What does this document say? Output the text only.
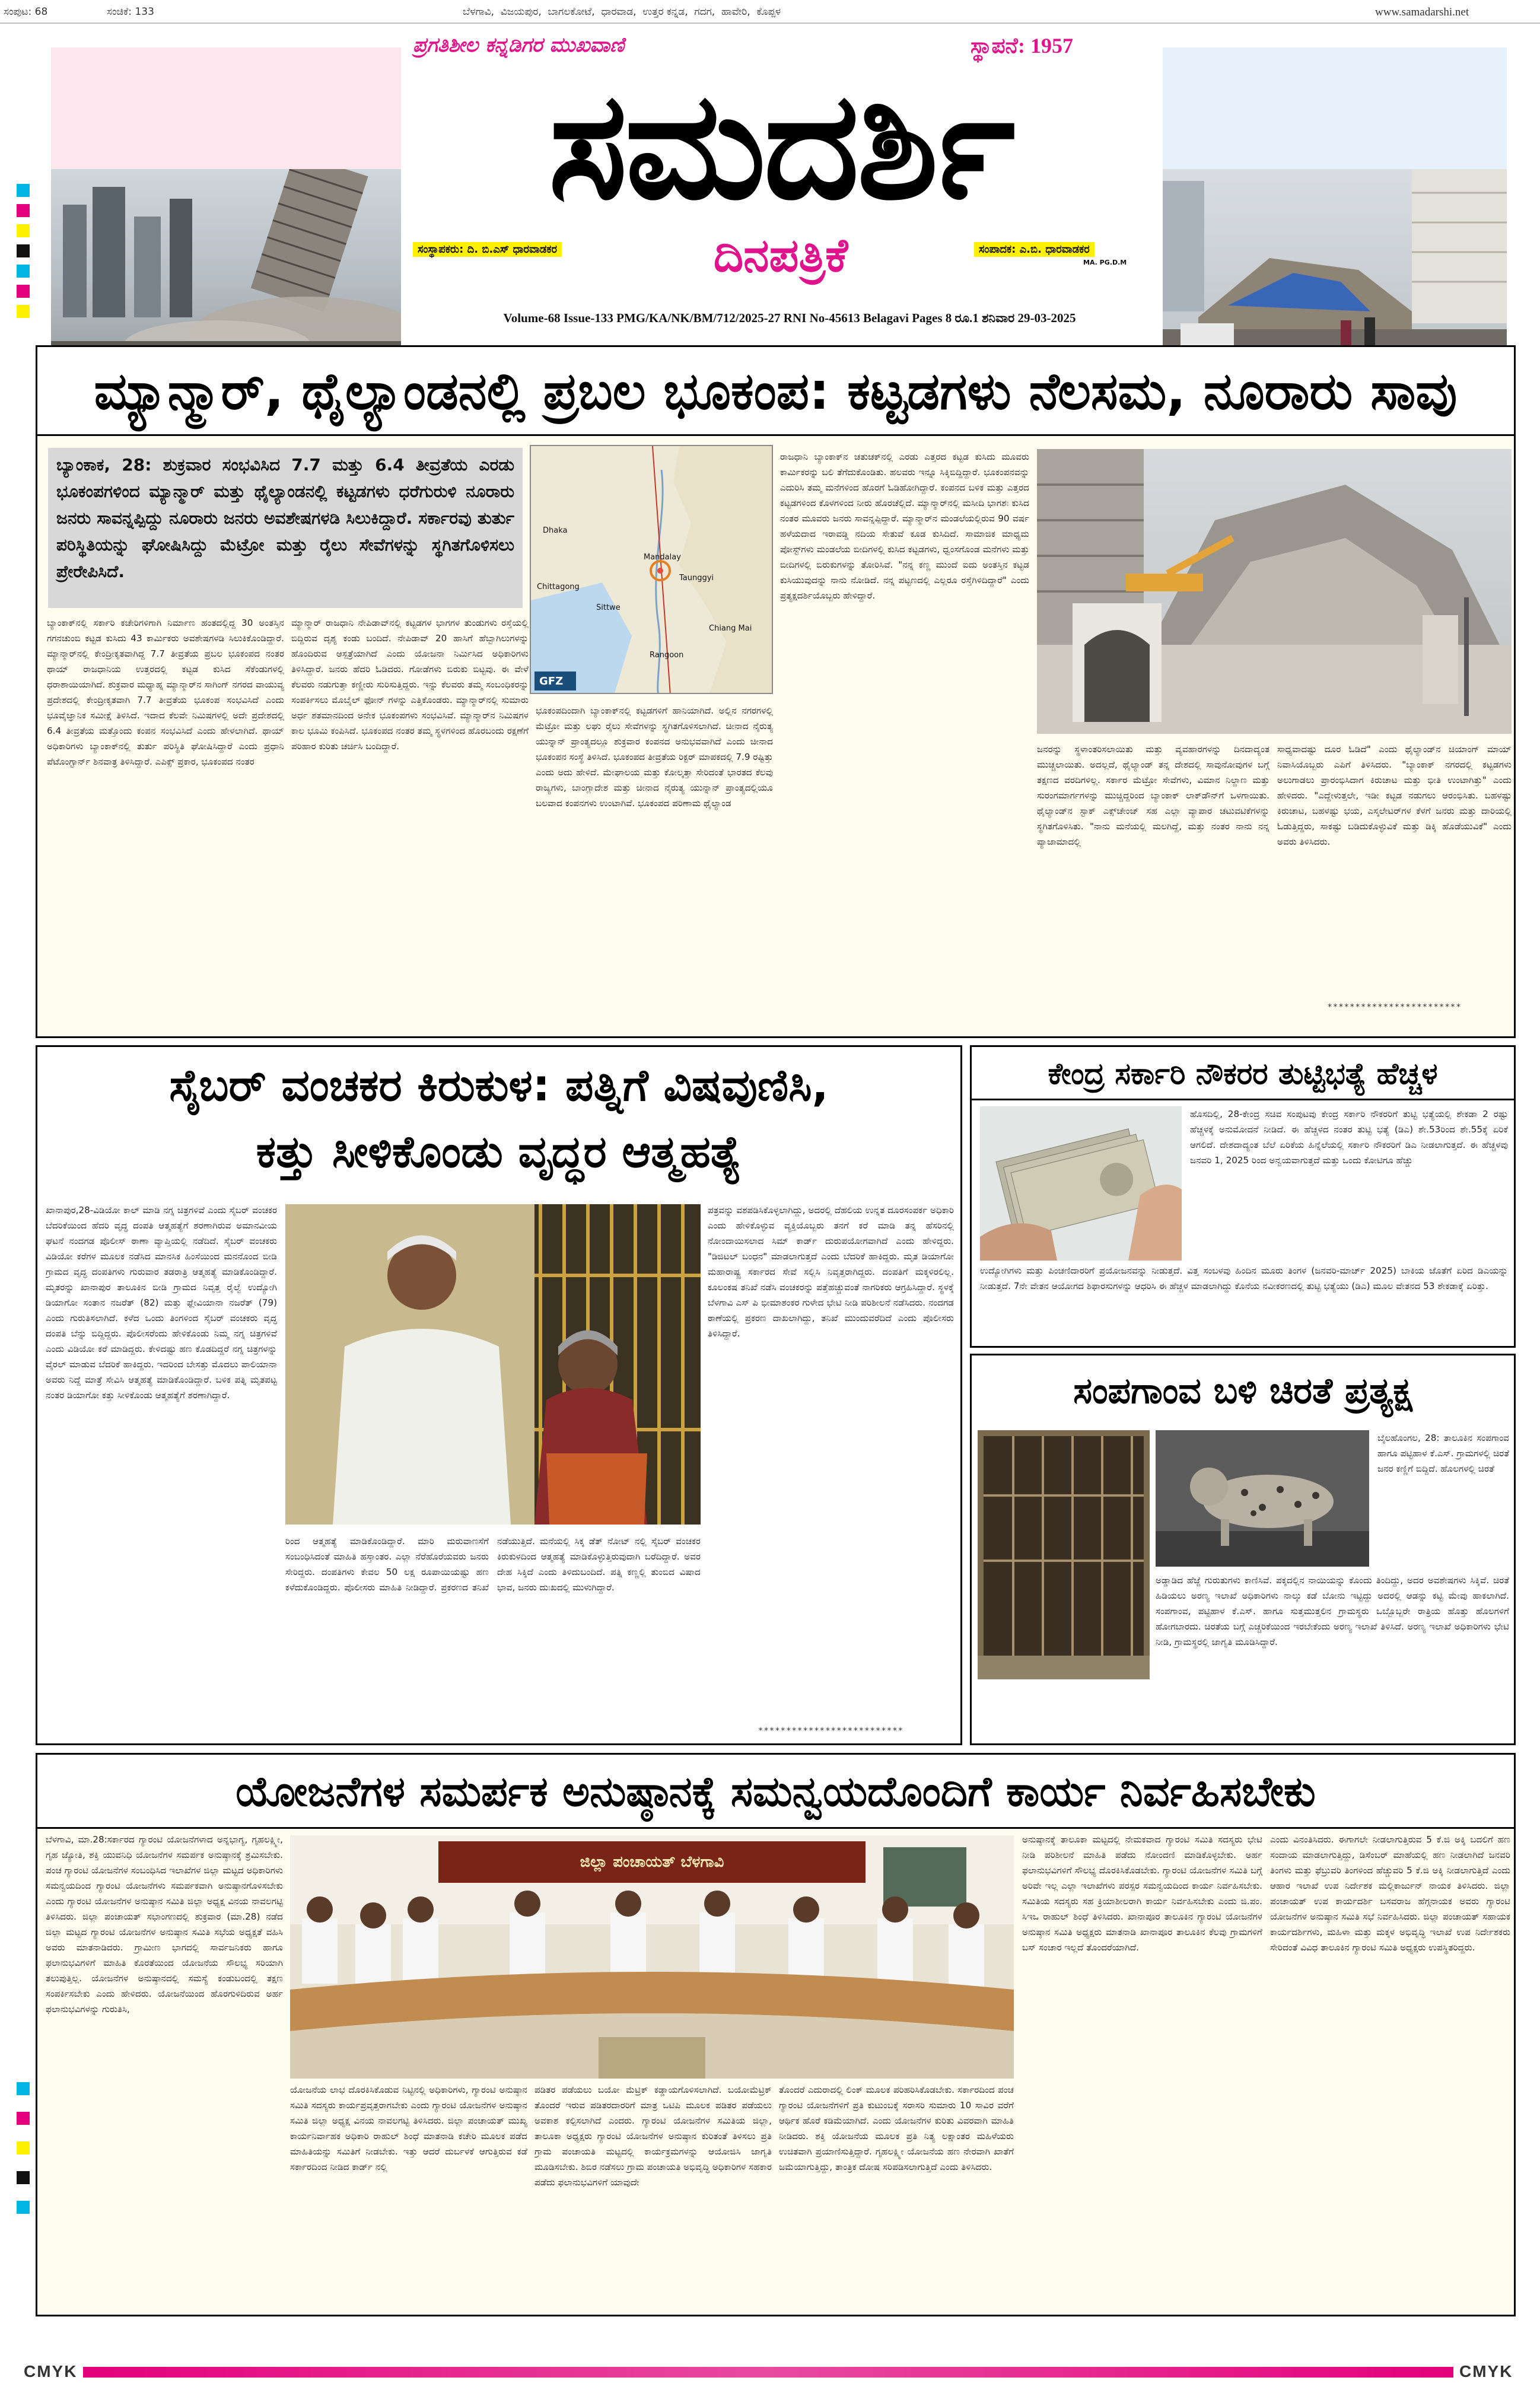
ಸಂಪುಟ: 68	ಸಂಚಿಕೆ: 133	ಬೆಳಗಾವಿ,  ವಿಜಯಪುರ,  ಬಾಗಲಕೋಟೆ,  ಧಾರವಾಡ,  ಉತ್ತರ ಕನ್ನಡ,  ಗದಗ,  ಹಾವೇರಿ,  ಕೊಪ್ಪಳ	www.samadarshi.net
ಪ್ರಗತಿಶೀಲ ಕನ್ನಡಿಗರ ಮುಖವಾಣಿ	ಸ್ಥಾಪನೆ: 1957
ಸಮದರ್ಶಿ
ಸಂಸ್ಥಾಪಕರು: ದಿ. ಬಿ.ಎಸ್ ಧಾರವಾಡಕರ	ದಿನಪತ್ರಿಕೆ	ಸಂಪಾದಕ: ಎ.ಬಿ. ಧಾರವಾಡಕರ
MA. PG.D.M
Volume-68 Issue-133 PMG/KA/NK/BM/712/2025-27 RNI No-45613 Belagavi Pages 8 ರೂ.1 ಶನಿವಾರ 29-03-2025
ಮ್ಯಾನ್ಮಾರ್, ಥೈಲ್ಯಾಂಡನಲ್ಲಿ ಪ್ರಬಲ ಭೂಕಂಪ: ಕಟ್ಟಡಗಳು ನೆಲಸಮ, ನೂರಾರು ಸಾವು
ಬ್ಯಾಂಕಾಕ, 28: ಶುಕ್ರವಾರ ಸಂಭವಿಸಿದ 7.7 ಮತ್ತು 6.4 ತೀವ್ರತೆಯ ಎರಡು ಭೂಕಂಪಗಳಿಂದ ಮ್ಯಾನ್ಮಾರ್ ಮತ್ತು ಥೈಲ್ಯಾಂಡನಲ್ಲಿ ಕಟ್ಟಡಗಳು ಧರೆಗುರುಳಿ ನೂರಾರು ಜನರು ಸಾವನ್ನಪ್ಪಿದ್ದು ನೂರಾರು ಜನರು ಅವಶೇಷಗಳಡಿ ಸಿಲುಕಿದ್ದಾರೆ. ಸರ್ಕಾರವು ತುರ್ತು ಪರಿಸ್ಥಿತಿಯನ್ನು ಘೋಷಿಸಿದ್ದು ಮೆಟ್ರೋ ಮತ್ತು ರೈಲು ಸೇವೆಗಳನ್ನು ಸ್ಥಗಿತಗೊಳಿಸಲು ಪ್ರೇರೇಪಿಸಿದೆ.
Dhaka
Chittagong
Mandalay
Taunggyi
Sittwe
Chiang Mai
Rangoon
GFZ
ಬ್ಯಾಂಕಾಕ್‌ನಲ್ಲಿ ಸರ್ಕಾರಿ ಕಚೇರಿಗಳಿಗಾಗಿ ನಿರ್ಮಾಣ ಹಂತದಲ್ಲಿದ್ದ 30 ಅಂತಸ್ತಿನ ಗಗನಚುಂಬಿ ಕಟ್ಟಡ ಕುಸಿದು 43 ಕಾರ್ಮಿಕರು ಅವಶೇಷಗಳಡಿ ಸಿಲುಕಿಕೊಂಡಿದ್ದಾರೆ. ಮ್ಯಾನ್ಮಾರ್‌ನಲ್ಲಿ ಕೇಂದ್ರೀಕೃತವಾಗಿದ್ದ 7.7 ತೀವ್ರತೆಯ ಪ್ರಬಲ ಭೂಕಂಪದ ನಂತರ ಥಾಯ್ ರಾಜಧಾನಿಯ ಉತ್ತರದಲ್ಲಿ ಕಟ್ಟಡ ಕುಸಿದ ಸೆಕೆಂಡುಗಳಲ್ಲಿ ಧರಾಶಾಯಿಯಾಗಿದೆ. ಶುಕ್ರವಾರ ಮಧ್ಯಾಹ್ನ ಮ್ಯಾನ್ಮಾರ್‌ನ ಸಾಗಿಂಗ್ ನಗರದ ವಾಯುವ್ಯ ಪ್ರದೇಶದಲ್ಲಿ ಕೇಂದ್ರೀಕೃತವಾಗಿ 7.7 ತೀವ್ರತೆಯ ಭೂಕಂಪ ಸಂಭವಿಸಿದೆ ಎಂದು ಭೂವೈಜ್ಞಾನಿಕ ಸಮೀಕ್ಷೆ ತಿಳಿಸಿದೆ. ಇದಾದ ಕೆಲವೇ ನಿಮಿಷಗಳಲ್ಲಿ ಅದೇ ಪ್ರದೇಶದಲ್ಲಿ 6.4 ತೀವ್ರತೆಯ ಮತ್ತೊಂದು ಕಂಪನ ಸಂಭವಿಸಿದೆ ಎಂದು ಹೇಳಲಾಗಿದೆ. ಥಾಯ್ ಅಧಿಕಾರಿಗಳು ಬ್ಯಾಂಕಾಕ್‌ನಲ್ಲಿ ತುರ್ತು ಪರಿಸ್ಥಿತಿ ಘೋಷಿಸಿದ್ದಾರೆ ಎಂದು ಪ್ರಧಾನಿ ಪೆಟೊಂಗ್ಟಾರ್ನ್ ಶಿನವಾತ್ರ ತಿಳಿಸಿದ್ದಾರೆ. ಎಪಿಕ್ಸ್ ಪ್ರಕಾರ, ಭೂಕಂಪದ ನಂತರ
ಮ್ಯಾನ್ಮಾರ್ ರಾಜಧಾನಿ ನೇಪಿಡಾವ್‌ನಲ್ಲಿ ಕಟ್ಟಡಗಳ ಭಾಗಗಳ ತುಂಡುಗಳು ರಸ್ತೆಯಲ್ಲಿ ಬಿದ್ದಿರುವ ದೃಶ್ಯ ಕಂಡು ಬಂದಿದೆ. ನೇಪಿಡಾವ್ 20 ಹಾಸಿಗೆ ಹೆಬ್ಬಾಗಿಲುಗಳನ್ನು ಹೊಂದಿರುವ ಆಸ್ಪತ್ರೆಯಾಗಿದೆ ಎಂದು ಯೋಜನಾ ನಿರ್ಮಿಸಿದ ಅಧಿಕಾರಿಗಳು ತಿಳಿಸಿದ್ದಾರೆ. ಜನರು ಹೆದರಿ ಓಡಿದರು. ಗೋಡೆಗಳು ಬಿರುಕು ಬಿಟ್ಟವು. ಈ ವೇಳೆ ಕೆಲವರು ನಡುಗುತ್ತಾ ಕಣ್ಣೀರು ಸುರಿಸುತ್ತಿದ್ದರು. ಇನ್ನು ಕೆಲವರು ತಮ್ಮ ಸಂಬಂಧಿಕರನ್ನು ಸಂಪರ್ಕಿಸಲು ಮೊಬೈಲ್ ಫೋನ್ ಗಳನ್ನು ಎತ್ತಿಕೊಂಡರು. ಮ್ಯಾನ್ಮಾರ್‌ನಲ್ಲಿ ಸುಮಾರು ಅರ್ಧ ಶತಮಾನದಿಂದ ಅನೇಕ ಭೂಕಂಪಗಳು ಸಂಭವಿಸಿವೆ. ಮ್ಯಾನ್ಮಾರ್‌ನ ನಿಮಿಷಗಳ ಕಾಲ ಭೂಮಿ ಕಂಪಿಸಿದೆ. ಭೂಕಂಪದ ನಂತರ ತಮ್ಮ ಸ್ಥಳಗಳಿಂದ ಹೊರಬಂದು ರಕ್ಷಣೆಗೆ ಪರಿಹಾರ ಕುರಿತು ಚರ್ಚಿಸಿ ಬಂದಿದ್ದಾರೆ.
ಭೂಕಂಪದಿಂದಾಗಿ ಬ್ಯಾಂಕಾಕ್‌ನಲ್ಲಿ ಕಟ್ಟಡಗಳಿಗೆ ಹಾನಿಯಾಗಿದೆ. ಅಲ್ಲಿನ ನಗರಗಳಲ್ಲಿ ಮೆಟ್ರೋ ಮತ್ತು ಲಘು ರೈಲು ಸೇವೆಗಳನ್ನು ಸ್ಥಗಿತಗೊಳಿಸಲಾಗಿದೆ. ಚೀನಾದ ನೈರುತ್ಯ ಯುನ್ನಾನ್ ಪ್ರಾಂತ್ಯದಲ್ಲೂ ಶುಕ್ರವಾರ ಕಂಪನದ ಅನುಭವವಾಗಿದೆ ಎಂದು ಚೀನಾದ ಭೂಕಂಪನ ಸಂಸ್ಥೆ ತಿಳಿಸಿದೆ. ಭೂಕಂಪದ ತೀವ್ರತೆಯ ರಿಕ್ಟರ್ ಮಾಪಕದಲ್ಲಿ 7.9 ರಷ್ಟಿತ್ತು ಎಂದು ಅದು ಹೇಳಿದೆ. ಮೇಘಾಲಯ ಮತ್ತು ಕೋಲ್ಕತ್ತಾ ಸೇರಿದಂತೆ ಭಾರತದ ಕೆಲವು ರಾಜ್ಯಗಳು, ಬಾಂಗ್ಲಾದೇಶ ಮತ್ತು ಚೀನಾದ ನೈರುತ್ಯ ಯುನ್ನಾನ್ ಪ್ರಾಂತ್ಯದಲ್ಲಿಯೂ ಬಲವಾದ ಕಂಪನಗಳು ಉಂಟಾಗಿವೆ. ಭೂಕಂಪದ ಪರಿಣಾಮ ಥೈಲ್ಯಾಂಡ
ರಾಜಧಾನಿ ಬ್ಯಾಂಕಾಕ್‌ನ ಚತುಚಕ್‌ನಲ್ಲಿ ಎರಡು ಎತ್ತರದ ಕಟ್ಟಡ ಕುಸಿದು ಮೂವರು ಕಾರ್ಮಿಕರನ್ನು ಬಲಿ ತೆಗೆದುಕೊಂಡಿತು. ಹಲವರು ಇನ್ನೂ ಸಿಕ್ಕಿಬಿದ್ದಿದ್ದಾರೆ. ಭೂಕಂಪನವನ್ನು ಎದುರಿಸಿ ತಮ್ಮ ಮನೆಗಳಿಂದ ಹೊರಗೆ ಓಡಿಹೋಗಿದ್ದಾರೆ. ಕಂಪನದ ಬಳಿಕ ಮತ್ತು ಎತ್ತರದ ಕಟ್ಟಡಗಳಿಂದ ಕೊಳಗಳಿಂದ ನೀರು ಹೊರಚೆಲ್ಲಿದೆ. ಮ್ಯಾನ್ಮಾರ್‌ನಲ್ಲಿ ಮಸೀದಿ ಭಾಗಶಃ ಕುಸಿದ ನಂತರ ಮೂವರು ಜನರು ಸಾವನ್ನಪ್ಪಿದ್ದಾರೆ. ಮ್ಯಾನ್ಮಾರ್‌ನ ಮಂಡಲೆಯಲ್ಲಿರುವ 90 ವರ್ಷ ಹಳೆಯದಾದ ಇರಾವಡ್ಡಿ ನದಿಯ ಸೇತುವೆ ಕೂಡ ಕುಸಿದಿದೆ. ಸಾಮಾಜಿಕ ಮಾಧ್ಯಮ ಪೋಸ್ಟ್‌ಗಳು ಮಂಡಲೆಯ ಬೀದಿಗಳಲ್ಲಿ ಕುಸಿದ ಕಟ್ಟಡಗಳು, ಧ್ವಂಸಗೊಂಡ ಮನೆಗಳು ಮತ್ತು ಬೀದಿಗಳಲ್ಲಿ ಬಿರುಕುಗಳನ್ನು ತೋರಿಸಿವೆ. "ನನ್ನ ಕಣ್ಣ ಮುಂದೆ ಐದು ಅಂತಸ್ತಿನ ಕಟ್ಟಡ ಕುಸಿಯುವುದನ್ನು ನಾನು ನೋಡಿದೆ. ನನ್ನ ಪಟ್ಟಣದಲ್ಲಿ ಎಲ್ಲರೂ ರಸ್ತೆಗಿಳಿದಿದ್ದಾರೆ" ಎಂದು ಪ್ರತ್ಯಕ್ಷದರ್ಶಿಯೊಬ್ಬರು ಹೇಳಿದ್ದಾರೆ.
ಜನರನ್ನು ಸ್ಥಳಾಂತರಿಸಲಾಯಿತು ಮತ್ತು ವ್ಯವಹಾರಗಳನ್ನು ದಿನದಾದ್ಯಂತ ಮುಚ್ಚಲಾಯಿತು. ಅದಲ್ಲದೆ, ಥೈಲ್ಯಾಂಡ್ ತನ್ನ ದೇಶದಲ್ಲಿ ಸಾವುನೋವುಗಳ ಬಗ್ಗೆ ತಕ್ಷಣದ ವರದಿಗಳಿಲ್ಲ. ಸರ್ಕಾರ ಮೆಟ್ರೋ ಸೇವೆಗಳು, ವಿಮಾನ ನಿಲ್ದಾಣ ಮತ್ತು ಸುರಂಗಮಾರ್ಗಗಳನ್ನು ಮುಚ್ಚಿದ್ದರಿಂದ ಬ್ಯಾಂಕಾಕ್ ಲಾಕ್‌ಡೌನ್‌ಗೆ ಒಳಗಾಯಿತು. ಥೈಲ್ಯಾಂಡ್‌ನ ಸ್ಟಾಕ್ ಎಕ್ಸ್‌ಚೇಂಜ್ ಸಹ ಎಲ್ಲಾ ವ್ಯಾಪಾರ ಚಟುವಟಿಕೆಗಳನ್ನು ಸ್ಥಗಿತಗೊಳಿಸಿತು. "ನಾನು ಮನೆಯಲ್ಲಿ ಮಲಗಿದ್ದೆ, ಮತ್ತು ನಂತರ ನಾನು ನನ್ನ ಪ್ಯಾಜಾಮಾದಲ್ಲಿ
ಸಾಧ್ಯವಾದಷ್ಟು ದೂರ ಓಡಿದೆ" ಎಂದು ಥೈಲ್ಯಾಂಡ್‌ನ ಚಿಯಾಂಗ್ ಮಾಯ್ ನಿವಾಸಿಯೊಬ್ಬರು ಎಪಿಗೆ ತಿಳಿಸಿದರು. "ಬ್ಯಾಂಕಾಕ್ ನಗರದಲ್ಲಿ ಕಟ್ಟಡಗಳು ಅಲುಗಾಡಲು ಪ್ರಾರಂಭಿಸಿದಾಗ ಕಿರುಚಾಟ ಮತ್ತು ಭೀತಿ ಉಂಟಾಗಿತ್ತು" ಎಂದು ಹೇಳಿದರು. "ಎದ್ದೇಳುತ್ತಲೇ, ಇಡೀ ಕಟ್ಟಡ ನಡುಗಲು ಆರಂಭಿಸಿತು. ಬಹಳಷ್ಟು ಕಿರುಚಾಟ, ಬಹಳಷ್ಟು ಭಯ, ಎಸ್ಕಲೇಟರ್‌ಗಳ ಕೆಳಗೆ ಜನರು ಮತ್ತು ದಾರಿಯಲ್ಲಿ ಓಡುತ್ತಿದ್ದರು, ಸಾಕಷ್ಟು ಬಡಿದುಕೊಳ್ಳುವಿಕೆ ಮತ್ತು ಡಿಕ್ಕಿ ಹೊಡೆಯುವಿಕೆ" ಎಂದು ಅವರು ತಿಳಿಸಿದರು.
************************
ಸೈಬರ್ ವಂಚಕರ ಕಿರುಕುಳ: ಪತ್ನಿಗೆ ವಿಷವುಣಿಸಿ,
ಕತ್ತು ಸೀಳಿಕೊಂಡು ವೃದ್ಧರ ಆತ್ಮಹತ್ಯೆ
ಖಾನಾಪುರ,28-ವಿಡಿಯೋ ಕಾಲ್ ಮಾಡಿ ನಗ್ನ ಚಿತ್ರಗಳಿವೆ ಎಂದು ಸೈಬರ್ ವಂಚಕರ ಬೆದರಿಕೆಯಿಂದ ಹೆದರಿ ವೃದ್ಧ ದಂಪತಿ ಆತ್ಮಹತ್ಯೆಗೆ ಶರಣಾಗಿರುವ ಅಮಾನವೀಯ ಘಟನೆ ನಂದಗಡ ಪೊಲೀಸ್ ಠಾಣಾ ವ್ಯಾಪ್ತಿಯಲ್ಲಿ ನಡೆದಿದೆ. ಸೈಬರ್ ವಂಚಕರು ವಿಡಿಯೋ ಕರೆಗಳ ಮೂಲಕ ನಡೆಸಿದ ಮಾನಸಿಕ ಹಿಂಸೆಯಿಂದ ಮನನೊಂದ ಬೀಡಿ ಗ್ರಾಮದ ವೃದ್ಧ ದಂಪತಿಗಳು ಗುರುವಾರ ತಡರಾತ್ರಿ ಆತ್ಮಹತ್ಯೆ ಮಾಡಿಕೊಂಡಿದ್ದಾರೆ. ಮೃತರನ್ನು ಖಾನಾಪುರ ತಾಲೂಕಿನ ಬೀಡಿ ಗ್ರಾಮದ ನಿವೃತ್ತ ರೈಲ್ವೆ ಉದ್ಯೋಗಿ ಡಿಯಾಗೋ ಸಂತಾನ ನಜರೆತ್ (82) ಮತ್ತು ಫ್ಲೇವಿಯಾನಾ ನಜರೆತ್ (79) ಎಂದು ಗುರುತಿಸಲಾಗಿದೆ. ಕಳೆದ ಒಂದು ತಿಂಗಳಿಂದ ಸೈಬರ್ ವಂಚಕರು ವೃದ್ಧ ದಂಪತಿ ಬೆನ್ನು ಬಿದ್ದಿದ್ದರು. ಪೊಲೀಸರೆಂದು ಹೇಳಿಕೊಂಡು ನಿಮ್ಮ ನಗ್ನ ಚಿತ್ರಗಳಿವೆ ಎಂದು ವಿಡಿಯೋ ಕರೆ ಮಾಡಿದ್ದರು. ಕೇಳಿದಷ್ಟು ಹಣ ಕೊಡದಿದ್ದರೆ ನಗ್ನ ಚಿತ್ರಗಳನ್ನು ವೈರಲ್ ಮಾಡುವ ಬೆದರಿಕೆ ಹಾಕಿದ್ದರು. ಇದರಿಂದ ಬೇಸತ್ತು ಮೊದಲು ಪಾಲಿಯಾನಾ ಅವರು ನಿದ್ದೆ ಮಾತ್ರೆ ಸೇವಿಸಿ ಆತ್ಮಹತ್ಯೆ ಮಾಡಿಕೊಂಡಿದ್ದಾರೆ. ಬಳಿಕ ಪತ್ನಿ ಮೃತಪಟ್ಟ ನಂತರ ಡಿಯಾಗೋ ಕತ್ತು ಸೀಳಿಕೊಂಡು ಆತ್ಮಹತ್ಯೆಗೆ ಶರಣಾಗಿದ್ದಾರೆ.
ರಿಂದ ಆತ್ಮಹತ್ಯೆ ಮಾಡಿಕೊಂಡಿದ್ದಾರೆ. ಮಾರಿ ಮರುವಾಣಸೆಗೆ ಸಂಬಂಧಿಸಿದಂತೆ ಮಾಹಿತಿ ಹಸ್ತಾಂತರ. ಎಲ್ಲಾ ನೆರೆಹೊರೆಯವರು ಜನರು ಸೇರಿದ್ದರು. ದಂಪತಿಗಳು ಕೇವಲ 50 ಲಕ್ಷ ರೂಪಾಯಿಯಷ್ಟು ಹಣ ಕಳೆದುಕೊಂಡಿದ್ದರು. ಪೊಲೀಸರು ಮಾಹಿತಿ ನೀಡಿದ್ದಾರೆ. ಪ್ರಕರಣದ ತನಿಖೆ ನಡೆಯುತ್ತಿದೆ. ಮನೆಯಲ್ಲಿ ಸಿಕ್ಕ ಡೆತ್ ನೋಟ್ ನಲ್ಲಿ ಸೈಬರ್ ವಂಚಕರ ಕಿರುಕುಳದಿಂದ ಆತ್ಮಹತ್ಯೆ ಮಾಡಿಕೊಳ್ಳುತ್ತಿರುವುದಾಗಿ ಬರೆದಿದ್ದಾರೆ. ಅವರ ದೇಹ ಸಿಕ್ಕಿದೆ ಎಂದು ತಿಳಿದುಬಂದಿದೆ. ಪತ್ನಿ ಕಣ್ಣಲ್ಲಿ ತುಂಬಿದ ವಿಷಾದ ಭಾವ, ಜನರು ದುಃಖದಲ್ಲಿ ಮುಳುಗಿದ್ದಾರೆ.
ಪತ್ರವನ್ನು ವಶಪಡಿಸಿಕೊಳ್ಳಲಾಗಿದ್ದು, ಅದರಲ್ಲಿ ದೆಹಲಿಯ ಉನ್ನತ ದೂರಸಂಪರ್ಕ ಅಧಿಕಾರಿ ಎಂದು ಹೇಳಿಕೊಳ್ಳುವ ವ್ಯಕ್ತಿಯೊಬ್ಬರು ತನಗೆ ಕರೆ ಮಾಡಿ ತನ್ನ ಹೆಸರಿನಲ್ಲಿ ನೋಂದಾಯಿಸಲಾದ ಸಿಮ್ ಕಾರ್ಡ್ ದುರುಪಯೋಗವಾಗಿದೆ ಎಂದು ಹೇಳಿದ್ದರು. "ಡಿಜಿಟಲ್ ಬಂಧನ" ಮಾಡಲಾಗುತ್ತದೆ ಎಂದು ಬೆದರಿಕೆ ಹಾಕಿದ್ದರು. ಮೃತ ಡಿಯಾಗೋ ಮಹಾರಾಷ್ಟ್ರ ಸರ್ಕಾರದ ಸೇವೆ ಸಲ್ಲಿಸಿ ನಿವೃತ್ತರಾಗಿದ್ದರು. ದಂಪತಿಗೆ ಮಕ್ಕಳಿರಲಿಲ್ಲ. ಕೂಲಂಕಷ ತನಿಖೆ ನಡೆಸಿ ವಂಚಕರನ್ನು ಪತ್ತೆಹಚ್ಚುವಂತೆ ನಾಗರಿಕರು ಆಗ್ರಹಿಸಿದ್ದಾರೆ. ಸ್ಥಳಕ್ಕೆ ಬೆಳಗಾವಿ ಎಸ್ ಪಿ ಭೀಮಾಶಂಕರ ಗುಳೇದ ಭೇಟಿ ನೀಡಿ ಪರಿಶೀಲನೆ ನಡೆಸಿದರು. ನಂದಗಡ ಠಾಣೆಯಲ್ಲಿ ಪ್ರಕರಣ ದಾಖಲಾಗಿದ್ದು, ತನಿಖೆ ಮುಂದುವರೆದಿದೆ ಎಂದು ಪೊಲೀಸರು ತಿಳಿಸಿದ್ದಾರೆ.
**************************
ಕೇಂದ್ರ ಸರ್ಕಾರಿ ನೌಕರರ ತುಟ್ಟಿಭತ್ಯೆ ಹೆಚ್ಚಳ
ಹೊಸದಿಲ್ಲಿ, 28-ಕೇಂದ್ರ ಸಚಿವ ಸಂಪುಟವು ಕೇಂದ್ರ ಸರ್ಕಾರಿ ನೌಕರರಿಗೆ ತುಟ್ಟಿ ಭತ್ಯೆಯಲ್ಲಿ ಶೇಕಡಾ 2 ರಷ್ಟು ಹೆಚ್ಚಳಕ್ಕೆ ಅನುಮೋದನೆ ನೀಡಿದೆ. ಈ ಹೆಚ್ಚಳದ ನಂತರ ತುಟ್ಟಿ ಭತ್ಯೆ (ಡಿಎ) ಶೇ.53ರಿಂದ ಶೇ.55ಕ್ಕೆ ಏರಿಕೆ ಆಗಲಿದೆ. ದೇಶದಾದ್ಯಂತ ಬೆಲೆ ಏರಿಕೆಯ ಹಿನ್ನೆಲೆಯಲ್ಲಿ ಸರ್ಕಾರಿ ನೌಕರರಿಗೆ ಡಿಎ ನೀಡಲಾಗುತ್ತದೆ. ಈ ಹೆಚ್ಚಳವು ಜನವರಿ 1, 2025 ರಿಂದ ಅನ್ವಯವಾಗುತ್ತದೆ ಮತ್ತು ಒಂದು ಕೋಟಿಗೂ ಹೆಚ್ಚು
ಉದ್ಯೋಗಿಗಳು ಮತ್ತು ಪಿಂಚಣಿದಾರರಿಗೆ ಪ್ರಯೋಜನವನ್ನು ನೀಡುತ್ತದೆ. ವಿತ್ತ ಸಂಬಳವು ಹಿಂದಿನ ಮೂರು ತಿಂಗಳ (ಜನವರಿ-ಮಾರ್ಚ್ 2025) ಬಾಕಿಯ ಜೊತೆಗೆ ಏರಿದ ಡಿಎಯನ್ನು ನೀಡುತ್ತದೆ. 7ನೇ ವೇತನ ಆಯೋಗದ ಶಿಫಾರಸುಗಳನ್ನು ಆಧರಿಸಿ ಈ ಹೆಚ್ಚಳ ಮಾಡಲಾಗಿದ್ದು ಕೊನೆಯ ನವೀಕರಣದಲ್ಲಿ ತುಟ್ಟಿ ಭತ್ಯೆಯು (ಡಿಎ) ಮೂಲ ವೇತನದ 53 ಶೇಕಡಾಕ್ಕೆ ಏರಿತ್ತು.
ಸಂಪಗಾಂವ ಬಳಿ ಚಿರತೆ ಪ್ರತ್ಯಕ್ಷ
ಬೈಲಹೊಂಗಲ, 28: ತಾಲೂಕಿನ ಸಂಪಗಾಂವ ಹಾಗೂ ಪಟ್ಟಿಹಾಳ ಕೆ.ಎಸ್. ಗ್ರಾಮಗಳಲ್ಲಿ ಚಿರತೆ ಜನರ ಕಣ್ಣಿಗೆ ಬಿದ್ದಿದೆ. ಹೊಲಗಳಲ್ಲಿ ಚಿರತೆ
ಅಡ್ಡಾಡಿದ ಹೆಜ್ಜೆ ಗುರುತುಗಳು ಕಾಣಿಸಿವೆ. ಪಕ್ಕದಲ್ಲಿನ ನಾಯಿಯನ್ನು ಕೊಂದು ತಿಂದಿದ್ದು, ಅದರ ಅವಶೇಷಗಳು ಸಿಕ್ಕಿವೆ. ಚಿರತೆ ಹಿಡಿಯಲು ಅರಣ್ಯ ಇಲಾಖೆ ಅಧಿಕಾರಿಗಳು ನಾಲ್ಕು ಕಡೆ ಬೋನು ಇಟ್ಟಿದ್ದು ಅದರಲ್ಲಿ ಆಡನ್ನು ಕಟ್ಟಿ ಮೇವು ಹಾಕಲಾಗಿದೆ. ಸಂಪಗಾಂವ, ಪಟ್ಟಿಹಾಳ ಕೆ.ಎಸ್. ಹಾಗೂ ಸುತ್ತಮುತ್ತಲಿನ ಗ್ರಾಮಸ್ಥರು ಒಬ್ಬೊಬ್ಬರೇ ರಾತ್ರಿಯ ಹೊತ್ತು ಹೊಲಗಳಿಗೆ ಹೋಗಬಾರದು. ಚಿರತೆಯ ಬಗ್ಗೆ ಎಚ್ಚರಿಕೆಯಿಂದ ಇರಬೇಕೆಂದು ಅರಣ್ಯ ಇಲಾಖೆ ತಿಳಿಸಿದೆ. ಅರಣ್ಯ ಇಲಾಖೆ ಅಧಿಕಾರಿಗಳು ಭೇಟಿ ನೀಡಿ, ಗ್ರಾಮಸ್ಥರಲ್ಲಿ ಜಾಗೃತಿ ಮೂಡಿಸಿದ್ದಾರೆ.
ಯೋಜನೆಗಳ ಸಮರ್ಪಕ ಅನುಷ್ಠಾನಕ್ಕೆ ಸಮನ್ವಯದೊಂದಿಗೆ ಕಾರ್ಯ ನಿರ್ವಹಿಸಬೇಕು
ಬೆಳಗಾವಿ, ಮಾ.28:ಸರ್ಕಾರದ ಗ್ಯಾರಂಟಿ ಯೋಜನೆಗಳಾದ ಅನ್ನಭಾಗ್ಯ, ಗೃಹಲಕ್ಷ್ಮೀ, ಗೃಹ ಜ್ಯೋತಿ, ಶಕ್ತಿ ಯುವನಿಧಿ ಯೋಜನೆಗಳ ಸಮರ್ಪಕ ಅನುಷ್ಠಾನಕ್ಕೆ ಶ್ರಮಿಸಬೇಕು. ಪಂಚ ಗ್ಯಾರಂಟಿ ಯೋಜನೆಗಳ ಸಂಬಂಧಿಸಿದ ಇಲಾಖೆಗಳ ಜಿಲ್ಲಾ ಮಟ್ಟದ ಅಧಿಕಾರಿಗಳು ಸಮನ್ವಯದಿಂದ ಗ್ಯಾರಂಟಿ ಯೋಜನೆಗಳು ಸಮರ್ಪಕವಾಗಿ ಅನುಷ್ಠಾನಗೊಳಿಸಬೇಕು ಎಂದು ಗ್ಯಾರಂಟಿ ಯೋಜನೆಗಳ ಅನುಷ್ಠಾನ ಸಮಿತಿ ಜಿಲ್ಲಾ ಅಧ್ಯಕ್ಷ ವಿನಯ ನಾವಲಗಟ್ಟಿ ತಿಳಿಸಿದರು. ಜಿಲ್ಲಾ ಪಂಚಾಯತ್ ಸಭಾಂಗಣದಲ್ಲಿ ಶುಕ್ರವಾರ (ಮಾ.28) ನಡೆದ ಜಿಲ್ಲಾ ಮಟ್ಟದ ಗ್ಯಾರಂಟಿ ಯೋಜನೆಗಳ ಅನುಷ್ಠಾನ ಸಮಿತಿ ಸಭೆಯ ಅಧ್ಯಕ್ಷತೆ ವಹಿಸಿ ಅವರು ಮಾತನಾಡಿದರು. ಗ್ರಾಮೀಣ ಭಾಗದಲ್ಲಿ ಸಾರ್ವಜನಿಕರು ಹಾಗೂ ಫಲಾನುಭವಿಗಳಿಗೆ ಮಾಹಿತಿ ಕೊರತೆಯಿಂದ ಯೋಜನೆಯ ಸೌಲಭ್ಯ ಸರಿಯಾಗಿ ತಲುಪುತ್ತಿಲ್ಲ. ಯೋಜನೆಗಳ ಅನುಷ್ಠಾನದಲ್ಲಿ ಸಮಸ್ಯೆ ಕಂಡುಬಂದಲ್ಲಿ ತಕ್ಷಣ ಸಂಪರ್ಕಿಸಬೇಕು ಎಂದು ಹೇಳಿದರು. ಯೋಜನೆಯಿಂದ ಹೊರಗುಳಿದಿರುವ ಅರ್ಹ ಫಲಾನುಭವಿಗಳನ್ನು ಗುರುತಿಸಿ,
ಜಿಲ್ಲಾ ಪಂಚಾಯತ್ ಬೆಳಗಾವಿ
ಯೋಜನೆಯ ಲಾಭ ದೊರಕಿಸಿಕೊಡುವ ನಿಟ್ಟಿನಲ್ಲಿ ಅಧಿಕಾರಿಗಳು, ಗ್ಯಾರಂಟಿ ಅನುಷ್ಠಾನ ಸಮಿತಿ ಸದಸ್ಯರು ಕಾರ್ಯಪ್ರವೃತ್ತರಾಗಬೇಕು ಎಂದು ಗ್ಯಾರಂಟಿ ಯೋಜನೆಗಳ ಅನುಷ್ಠಾನ ಸಮಿತಿ ಜಿಲ್ಲಾ ಅಧ್ಯಕ್ಷ ವಿನಯ ನಾವಲಗಟ್ಟಿ ತಿಳಿಸಿದರು. ಜಿಲ್ಲಾ ಪಂಚಾಯತ್ ಮುಖ್ಯ ಕಾರ್ಯನಿರ್ವಾಹಕ ಅಧಿಕಾರಿ ರಾಹುಲ್ ಶಿಂಧೆ ಮಾತನಾಡಿ ಕಚೇರಿ ಮೂಲಕ ಪಡೆದ ಮಾಹಿತಿಯನ್ನು ಸಮಿತಿಗೆ ನೀಡಬೇಕು. ಇತ್ತು ಆದರೆ ದುರ್ಬಳಕೆ ಆಗುತ್ತಿರುವ ಕಡೆ ಸರ್ಕಾರದಿಂದ ನೀಡಿದ ಕಾರ್ಡ್ ನಲ್ಲಿ
ಪಡಿತರ ಪಡೆಯಲು ಬಯೋ ಮೆಟ್ರಿಕ್ ಕಡ್ಡಾಯಗೊಳಿಸಲಾಗಿದೆ. ಬಯೋಮೆಟ್ರಿಕ್ ತೊಂದರೆ ಇರುವ ಪಡಿತರದಾರರಿಗೆ ಮಾತ್ರ ಒಟಿಪಿ ಮೂಲಕ ಪಡಿತರ ಪಡೆಯಲು ಅವಕಾಶ ಕಲ್ಪಿಸಲಾಗಿದೆ ಎಂದರು. ಗ್ಯಾರಂಟಿ ಯೋಜನೆಗಳ ಸಮಿತಿಯ ಜಿಲ್ಲಾ, ತಾಲೂಕಾ ಅಧ್ಯಕ್ಷರು ಗ್ಯಾರಂಟಿ ಯೋಜನೆಗಳ ಅನುಷ್ಠಾನ ಕುರಿತಂತೆ ತಿಳಿಸಲು ಪ್ರತಿ ಗ್ರಾಮ ಪಂಚಾಯತಿ ಮಟ್ಟದಲ್ಲಿ ಕಾರ್ಯಕ್ರಮಗಳನ್ನು ಆಯೋಜಿಸಿ ಜಾಗೃತಿ ಮೂಡಿಸಬೇಕು. ಶಿಬಿರ ನಡೆಸಲು ಗ್ರಾಮ ಪಂಚಾಯತಿ ಅಭಿವೃದ್ಧಿ ಅಧಿಕಾರಿಗಳ ಸಹಕಾರ ಪಡೆದು ಫಲಾನುಭವಿಗಳಿಗೆ ಯಾವುದೇ
ತೊಂದರೆ ಎದುರಾದಲ್ಲಿ ಲಿಂಕ್ ಮೂಲಕ ಪರಿಹರಿಸಿಕೊಡಬೇಕು. ಸರ್ಕಾರದಿಂದ ಪಂಚ ಗ್ಯಾರಂಟಿ ಯೋಜನೆಗಳಿಗೆ ಪ್ರತಿ ಕುಟುಂಬಕ್ಕೆ ಸರಾಸರಿ ಸುಮಾರು 10 ಸಾವಿರ ವರೆಗೆ ಆರ್ಥಿಕ ಹೊರೆ ಕಡಿಮೆಯಾಗಿದೆ. ಎಂದು ಯೋಜನೆಗಳ ಕುರಿತು ವಿವರವಾಗಿ ಮಾಹಿತಿ ನೀಡಿದರು. ಶಕ್ತಿ ಯೋಜನೆಯ ಮೂಲಕ ಪ್ರತಿ ನಿತ್ಯ ಲಕ್ಷಾಂತರ ಮಹಿಳೆಯರು ಉಚಿತವಾಗಿ ಪ್ರಯಾಣಿಸುತ್ತಿದ್ದಾರೆ. ಗೃಹಲಕ್ಷ್ಮೀ ಯೋಜನೆಯ ಹಣ ನೇರವಾಗಿ ಖಾತೆಗೆ ಜಮೆಯಾಗುತ್ತಿದ್ದು, ತಾಂತ್ರಿಕ ದೋಷ ಸರಿಪಡಿಸಲಾಗುತ್ತಿದೆ ಎಂದು ತಿಳಿಸಿದರು.
ಅನುಷ್ಠಾನಕ್ಕೆ ತಾಲೂಕಾ ಮಟ್ಟದಲ್ಲಿ ನೇಮಕವಾದ ಗ್ಯಾರಂಟಿ ಸಮಿತಿ ಸದಸ್ಯರು ಭೇಟಿ ನೀಡಿ ಪರಿಶೀಲನೆ ಮಾಹಿತಿ ಪಡೆದು ನೋಂದಣಿ ಮಾಡಿಕೊಳ್ಳಬೇಕು. ಅರ್ಹ ಫಲಾನುಭವಿಗಳಿಗೆ ಸೌಲಭ್ಯ ದೊರಕಿಸಿಕೊಡಬೇಕು. ಗ್ಯಾರಂಟಿ ಯೋಜನೆಗಳ ಸಮಿತಿ ಬಗ್ಗೆ ಅರಿವೇ ಇಲ್ಲ ಎಲ್ಲಾ ಇಲಾಖೆಗಳು ಪರಸ್ಪರ ಸಮನ್ವಯದಿಂದ ಕಾರ್ಯ ನಿರ್ವಹಿಸಬೇಕು. ಸಮಿತಿಯ ಸದಸ್ಯರು ಸಹ ಕ್ರಿಯಾಶೀಲರಾಗಿ ಕಾರ್ಯ ನಿರ್ವಹಿಸಬೇಕು ಎಂದು ಜಿ.ಪಂ. ಸಿಇಒ ರಾಹುಲ್ ಶಿಂಧೆ ತಿಳಿಸಿದರು. ಖಾನಾಪೂರ ತಾಲೂಕಿನ ಗ್ಯಾರಂಟಿ ಯೋಜನೆಗಳ ಅನುಷ್ಠಾನ ಸಮಿತಿ ಅಧ್ಯಕ್ಷರು ಮಾತನಾಡಿ ಖಾನಾಪೂರ ತಾಲೂಕಿನ ಕೆಲವು ಗ್ರಾಮಗಳಿಗೆ ಬಸ್ ಸಂಚಾರ ಇಲ್ಲದೆ ತೊಂದರೆಯಾಗಿದೆ.
ಎಂದು ವಿನಂತಿಸಿದರು. ಈಗಾಗಲೇ ನೀಡಲಾಗುತ್ತಿರುವ 5 ಕೆ.ಜಿ ಅಕ್ಕಿ ಬದಲಿಗೆ ಹಣ ಸಂದಾಯ ಮಾಡಲಾಗುತ್ತಿದ್ದು, ಡಿಸೆಂಬರ್ ಮಾಹೆಯಲ್ಲಿ ಹಣ ನೀಡಲಾಗಿದೆ ಜನವರಿ ತಿಂಗಳು ಮತ್ತು ಫೆಬ್ರುವರಿ ತಿಂಗಳಿಂದ ಹೆಚ್ಚುವರಿ 5 ಕೆ.ಜಿ ಅಕ್ಕಿ ನೀಡಲಾಗುತ್ತಿದೆ ಎಂದು ಆಹಾರ ಇಲಾಖೆ ಉಪ ನಿರ್ದೇಶಕ ಮಲ್ಲಿಕಾರ್ಜುನ್ ನಾಯಕ ತಿಳಿಸಿದರು. ಜಿಲ್ಲಾ ಪಂಚಾಯತ್ ಉಪ ಕಾರ್ಯದರ್ಶಿ ಬಸವರಾಜ ಹೆಗ್ಗನಾಯಕ ಅವರು ಗ್ಯಾರಂಟಿ ಯೋಜನೆಗಳ ಅನುಷ್ಠಾನ ಸಮಿತಿ ಸಭೆ ನಿರ್ವಹಿಸಿದರು. ಜಿಲ್ಲಾ ಪಂಚಾಯತ್ ಸಹಾಯಕ ಕಾರ್ಯದರ್ಶಿಗಳು, ಮಹಿಳಾ ಮತ್ತು ಮಕ್ಕಳ ಅಭಿವೃದ್ಧಿ ಇಲಾಖೆ ಉಪ ನಿರ್ದೇಶಕರು ಸೇರಿದಂತೆ ವಿವಿಧ ತಾಲೂಕಿನ ಗ್ಯಾರಂಟಿ ಸಮಿತಿ ಅಧ್ಯಕ್ಷರು ಉಪಸ್ಥಿತರಿದ್ದರು.
CMYK	CMYK
